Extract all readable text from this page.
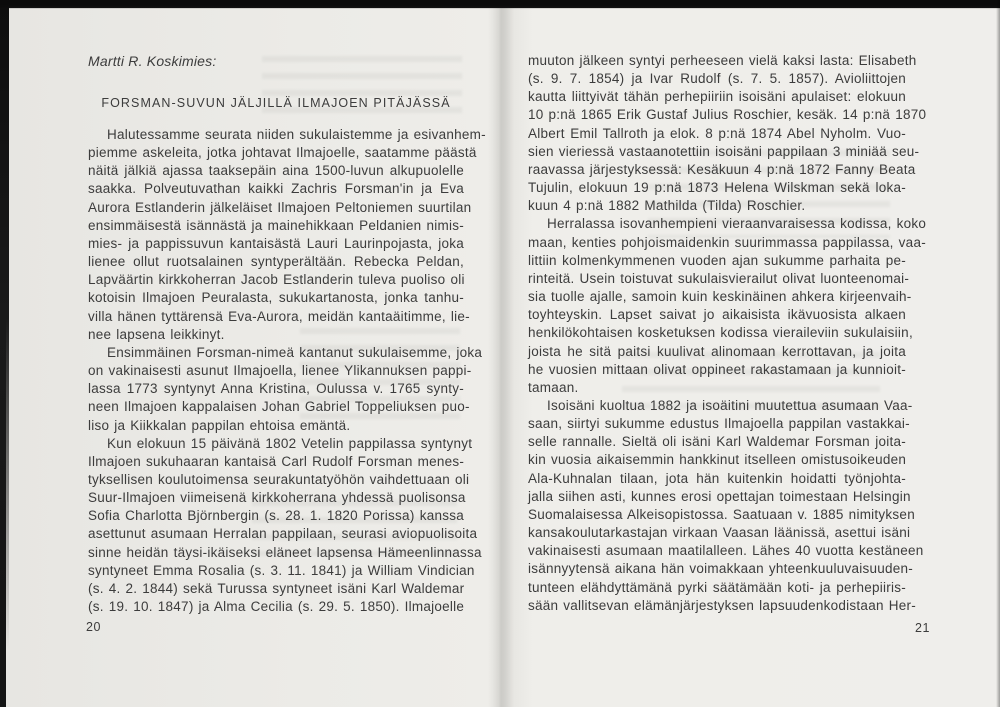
Martti R. Koskimies:
FORSMAN-SUVUN JÄLJILLÄ ILMAJOEN PITÄJÄSSÄ
Halutessamme seurata niiden sukulaistemme ja esivanhem-
piemme askeleita, jotka johtavat Ilmajoelle, saatamme päästä
näitä jälkiä ajassa taaksepäin aina 1500-luvun alkupuolelle
saakka. Polveutuvathan kaikki Zachris Forsman'in ja Eva
Aurora Estlanderin jälkeläiset Ilmajoen Peltoniemen suurtilan
ensimmäisestä isännästä ja mainehikkaan Peldanien nimis-
mies- ja pappissuvun kantaisästä Lauri Laurinpojasta, joka
lienee ollut ruotsalainen syntyperältään. Rebecka Peldan,
Lapväärtin kirkkoherran Jacob Estlanderin tuleva puoliso oli
kotoisin Ilmajoen Peuralasta, sukukartanosta, jonka tanhu-
villa hänen tyttärensä Eva-Aurora, meidän kantaäitimme, lie-
nee lapsena leikkinyt.
Ensimmäinen Forsman-nimeä kantanut sukulaisemme, joka
on vakinaisesti asunut Ilmajoella, lienee Ylikannuksen pappi-
lassa 1773 syntynyt Anna Kristina, Oulussa v. 1765 synty-
neen Ilmajoen kappalaisen Johan Gabriel Toppeliuksen puo-
liso ja Kiikkalan pappilan ehtoisa emäntä.
Kun elokuun 15 päivänä 1802 Vetelin pappilassa syntynyt
Ilmajoen sukuhaaran kantaisä Carl Rudolf Forsman menes-
tyksellisen koulutoimensa seurakuntatyöhön vaihdettuaan oli
Suur-Ilmajoen viimeisenä kirkkoherrana yhdessä puolisonsa
Sofia Charlotta Björnbergin (s. 28. 1. 1820 Porissa) kanssa
asettunut asumaan Herralan pappilaan, seurasi aviopuolisoita
sinne heidän täysi-ikäiseksi eläneet lapsensa Hämeenlinnassa
syntyneet Emma Rosalia (s. 3. 11. 1841) ja William Vindician
(s. 4. 2. 1844) sekä Turussa syntyneet isäni Karl Waldemar
(s. 19. 10. 1847) ja Alma Cecilia (s. 29. 5. 1850). Ilmajoelle
20
muuton jälkeen syntyi perheeseen vielä kaksi lasta: Elisabeth
(s. 9. 7. 1854) ja Ivar Rudolf (s. 7. 5. 1857). Avioliittojen
kautta liittyivät tähän perhepiiriin isoisäni apulaiset: elokuun
10 p:nä 1865 Erik Gustaf Julius Roschier, kesäk. 14 p:nä 1870
Albert Emil Tallroth ja elok. 8 p:nä 1874 Abel Nyholm. Vuo-
sien vieriessä vastaanotettiin isoisäni pappilaan 3 miniää seu-
raavassa järjestyksessä: Kesäkuun 4 p:nä 1872 Fanny Beata
Tujulin, elokuun 19 p:nä 1873 Helena Wilskman sekä loka-
kuun 4 p:nä 1882 Mathilda (Tilda) Roschier.
Herralassa isovanhempieni vieraanvaraisessa kodissa, koko
maan, kenties pohjoismaidenkin suurimmassa pappilassa, vaa-
littiin kolmenkymmenen vuoden ajan sukumme parhaita pe-
rinteitä. Usein toistuvat sukulaisvierailut olivat luonteenomai-
sia tuolle ajalle, samoin kuin keskinäinen ahkera kirjeenvaih-
toyhteyskin. Lapset saivat jo aikaisista ikävuosista alkaen
henkilökohtaisen kosketuksen kodissa vieraileviin sukulaisiin,
joista he sitä paitsi kuulivat alinomaan kerrottavan, ja joita
he vuosien mittaan olivat oppineet rakastamaan ja kunnioit-
tamaan.
Isoisäni kuoltua 1882 ja isoäitini muutettua asumaan Vaa-
saan, siirtyi sukumme edustus Ilmajoella pappilan vastakkai-
selle rannalle. Sieltä oli isäni Karl Waldemar Forsman joita-
kin vuosia aikaisemmin hankkinut itselleen omistusoikeuden
Ala-Kuhnalan tilaan, jota hän kuitenkin hoidatti työnjohta-
jalla siihen asti, kunnes erosi opettajan toimestaan Helsingin
Suomalaisessa Alkeisopistossa. Saatuaan v. 1885 nimityksen
kansakoulutarkastajan virkaan Vaasan läänissä, asettui isäni
vakinaisesti asumaan maatilalleen. Lähes 40 vuotta kestäneen
isännyytensä aikana hän voimakkaan yhteenkuuluvaisuuden-
tunteen elähdyttämänä pyrki säätämään koti- ja perhepiiris-
sään vallitsevan elämänjärjestyksen lapsuudenkodistaan Her-
21
